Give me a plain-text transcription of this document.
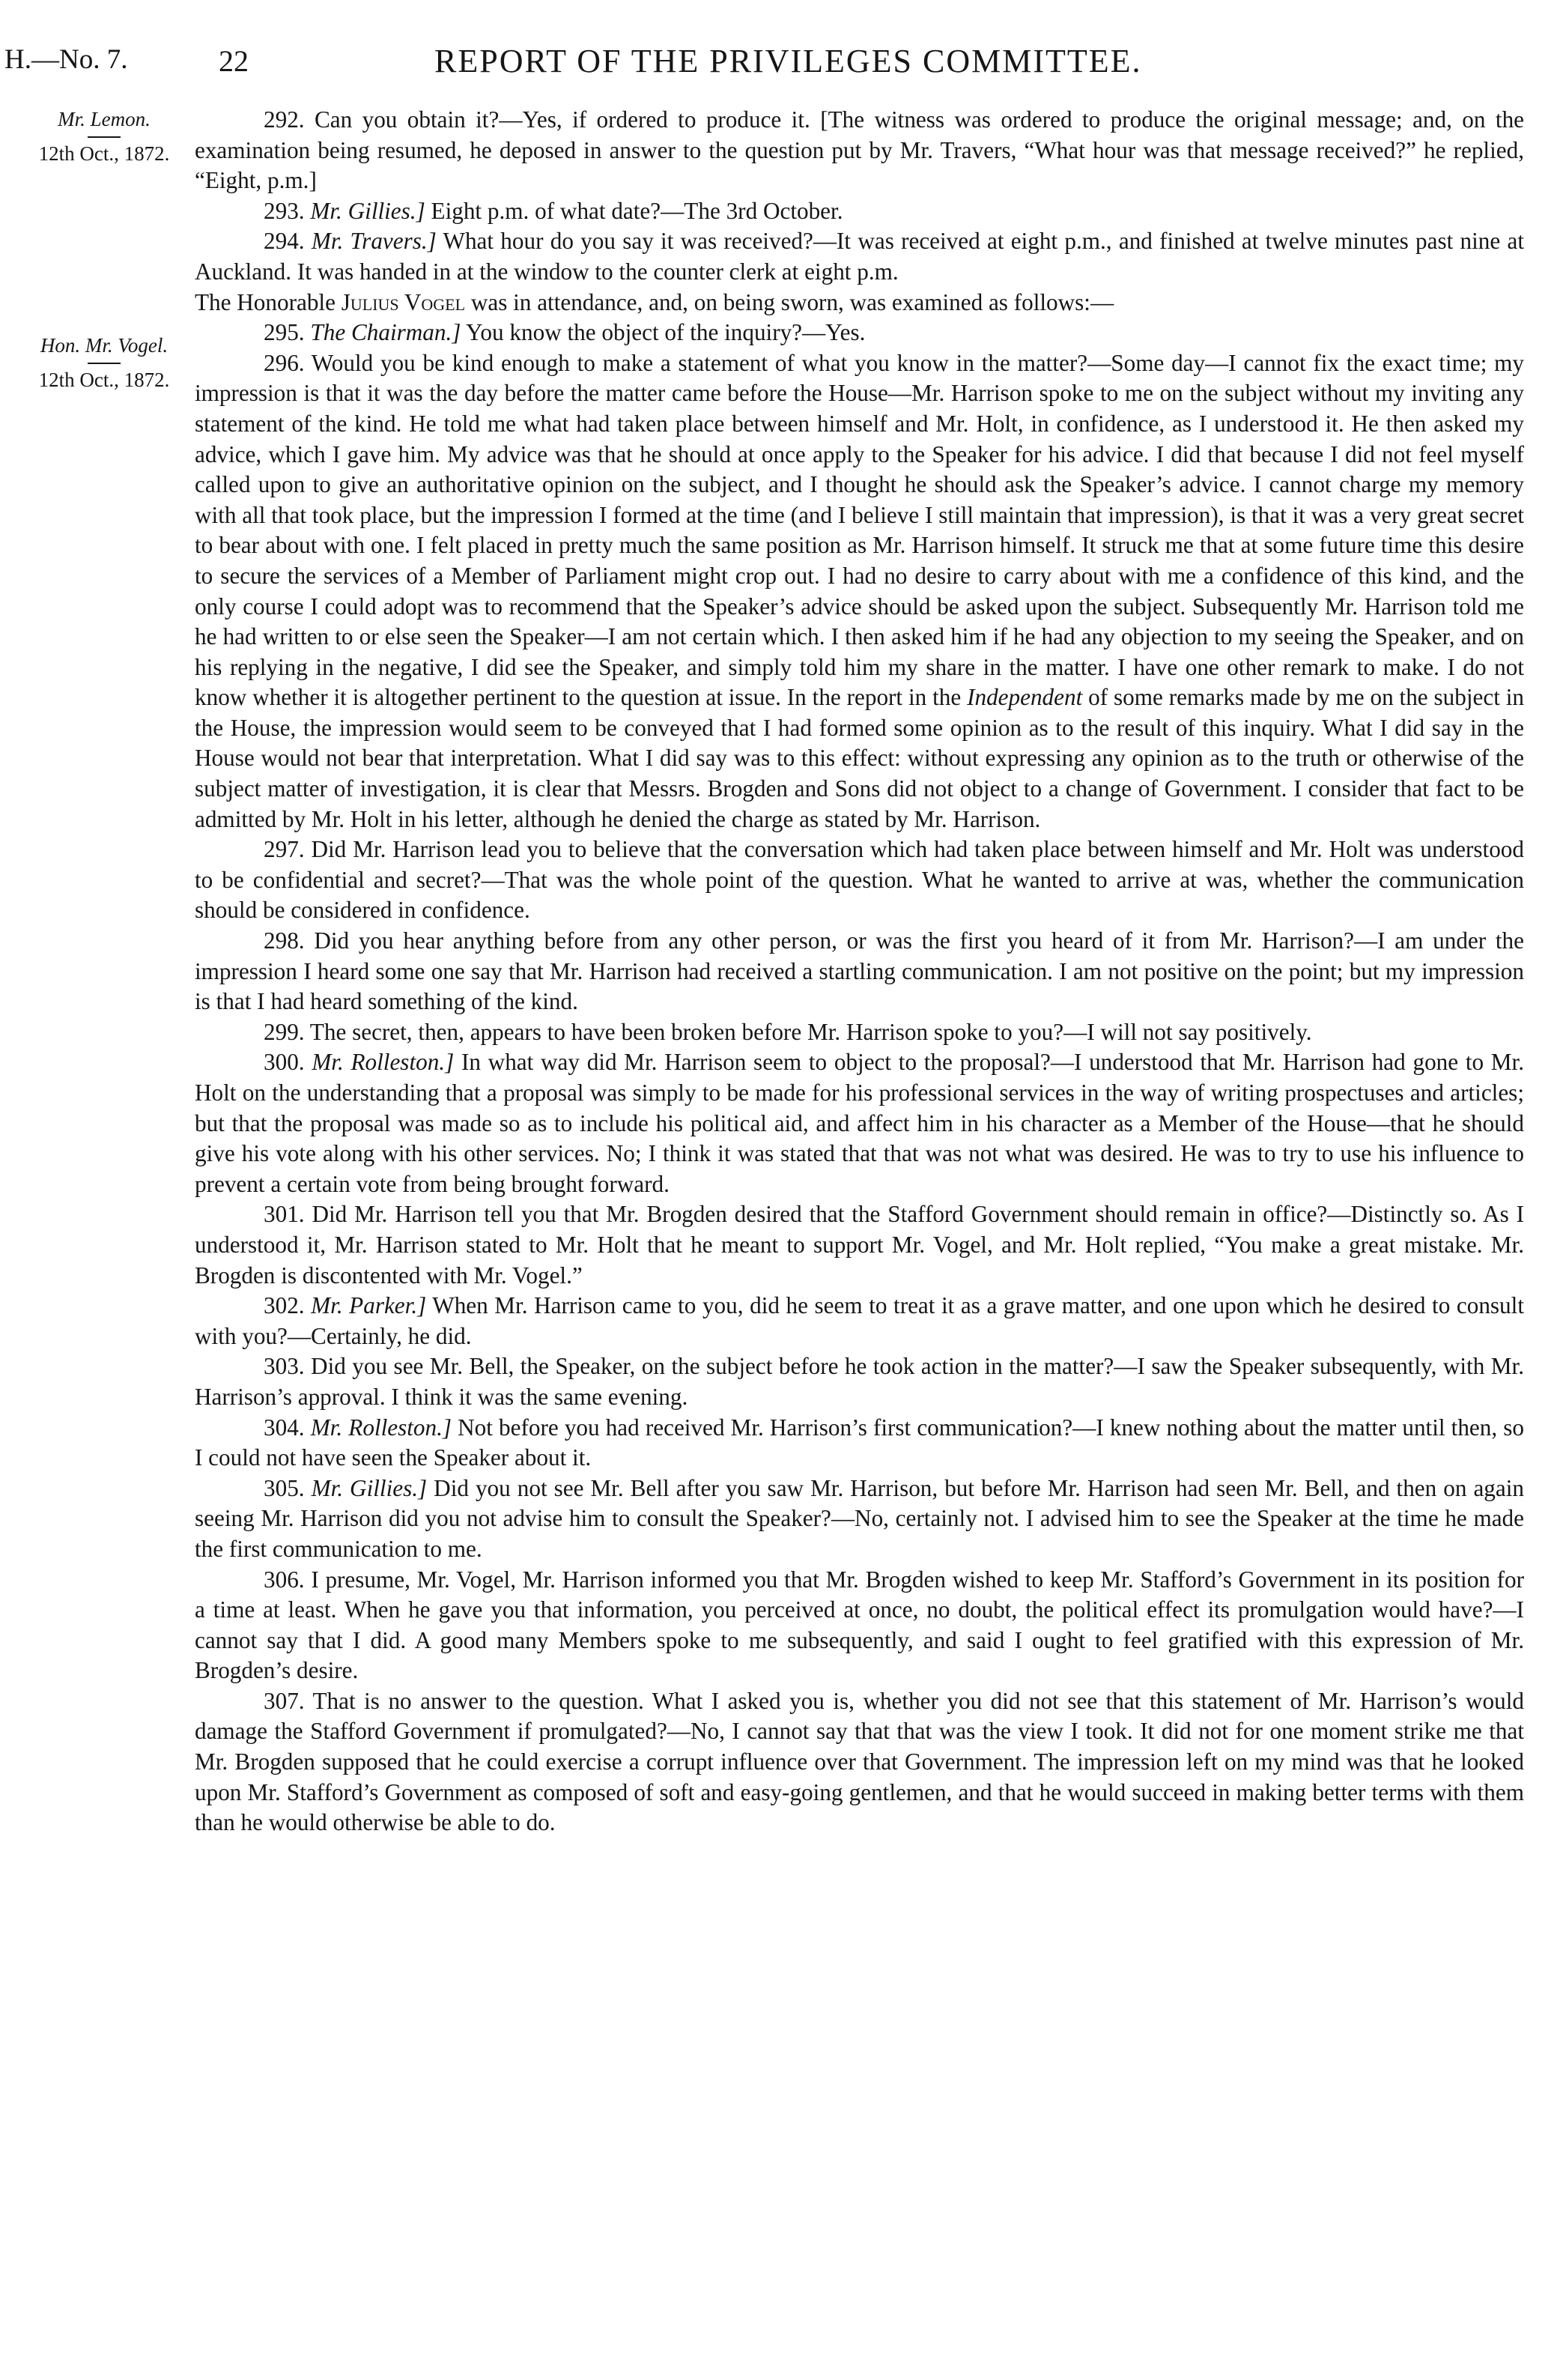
H.—No. 7.	22	REPORT OF THE PRIVILEGES COMMITTEE.
Mr. Lemon.
12th Oct., 1872.
Hon. Mr. Vogel.
12th Oct., 1872.

292. Can you obtain it?—Yes, if ordered to produce it. [The witness was ordered to produce the original message; and, on the examination being resumed, he deposed in answer to the question put by Mr. Travers, “What hour was that message received?” he replied, “Eight, p.m.]

293. Mr. Gillies.] Eight p.m. of what date?—The 3rd October.

294. Mr. Travers.] What hour do you say it was received?—It was received at eight p.m., and finished at twelve minutes past nine at Auckland. It was handed in at the window to the counter clerk at eight p.m.

The Honorable Julius Vogel was in attendance, and, on being sworn, was examined as follows:—

295. The Chairman.] You know the object of the inquiry?—Yes.

296. Would you be kind enough to make a statement of what you know in the matter?—Some day—I cannot fix the exact time; my impression is that it was the day before the matter came before the House—Mr. Harrison spoke to me on the subject without my inviting any statement of the kind. He told me what had taken place between himself and Mr. Holt, in confidence, as I understood it. He then asked my advice, which I gave him. My advice was that he should at once apply to the Speaker for his advice. I did that because I did not feel myself called upon to give an authoritative opinion on the subject, and I thought he should ask the Speaker’s advice. I cannot charge my memory with all that took place, but the impression I formed at the time (and I believe I still maintain that impression), is that it was a very great secret to bear about with one. I felt placed in pretty much the same position as Mr. Harrison himself. It struck me that at some future time this desire to secure the services of a Member of Parliament might crop out. I had no desire to carry about with me a confidence of this kind, and the only course I could adopt was to recommend that the Speaker’s advice should be asked upon the subject. Subsequently Mr. Harrison told me he had written to or else seen the Speaker—I am not certain which. I then asked him if he had any objection to my seeing the Speaker, and on his replying in the negative, I did see the Speaker, and simply told him my share in the matter. I have one other remark to make. I do not know whether it is altogether pertinent to the question at issue. In the report in the Independent of some remarks made by me on the subject in the House, the impression would seem to be conveyed that I had formed some opinion as to the result of this inquiry. What I did say in the House would not bear that interpretation. What I did say was to this effect: without expressing any opinion as to the truth or otherwise of the subject matter of investigation, it is clear that Messrs. Brogden and Sons did not object to a change of Government. I consider that fact to be admitted by Mr. Holt in his letter, although he denied the charge as stated by Mr. Harrison.

297. Did Mr. Harrison lead you to believe that the conversation which had taken place between himself and Mr. Holt was understood to be confidential and secret?—That was the whole point of the question. What he wanted to arrive at was, whether the communication should be considered in confidence.

298. Did you hear anything before from any other person, or was the first you heard of it from Mr. Harrison?—I am under the impression I heard some one say that Mr. Harrison had received a startling communication. I am not positive on the point; but my impression is that I had heard something of the kind.

299. The secret, then, appears to have been broken before Mr. Harrison spoke to you?—I will not say positively.

300. Mr. Rolleston.] In what way did Mr. Harrison seem to object to the proposal?—I understood that Mr. Harrison had gone to Mr. Holt on the understanding that a proposal was simply to be made for his professional services in the way of writing prospectuses and articles; but that the proposal was made so as to include his political aid, and affect him in his character as a Member of the House—that he should give his vote along with his other services. No; I think it was stated that that was not what was desired. He was to try to use his influence to prevent a certain vote from being brought forward.

301. Did Mr. Harrison tell you that Mr. Brogden desired that the Stafford Government should remain in office?—Distinctly so. As I understood it, Mr. Harrison stated to Mr. Holt that he meant to support Mr. Vogel, and Mr. Holt replied, “You make a great mistake. Mr. Brogden is discontented with Mr. Vogel.”

302. Mr. Parker.] When Mr. Harrison came to you, did he seem to treat it as a grave matter, and one upon which he desired to consult with you?—Certainly, he did.

303. Did you see Mr. Bell, the Speaker, on the subject before he took action in the matter?—I saw the Speaker subsequently, with Mr. Harrison’s approval. I think it was the same evening.

304. Mr. Rolleston.] Not before you had received Mr. Harrison’s first communication?—I knew nothing about the matter until then, so I could not have seen the Speaker about it.

305. Mr. Gillies.] Did you not see Mr. Bell after you saw Mr. Harrison, but before Mr. Harrison had seen Mr. Bell, and then on again seeing Mr. Harrison did you not advise him to consult the Speaker?—No, certainly not. I advised him to see the Speaker at the time he made the first communication to me.

306. I presume, Mr. Vogel, Mr. Harrison informed you that Mr. Brogden wished to keep Mr. Stafford’s Government in its position for a time at least. When he gave you that information, you perceived at once, no doubt, the political effect its promulgation would have?—I cannot say that I did. A good many Members spoke to me subsequently, and said I ought to feel gratified with this expression of Mr. Brogden’s desire.

307. That is no answer to the question. What I asked you is, whether you did not see that this statement of Mr. Harrison’s would damage the Stafford Government if promulgated?—No, I cannot say that that was the view I took. It did not for one moment strike me that Mr. Brogden supposed that he could exercise a corrupt influence over that Government. The impression left on my mind was that he looked upon Mr. Stafford’s Government as composed of soft and easy-going gentlemen, and that he would succeed in making better terms with them than he would otherwise be able to do.
